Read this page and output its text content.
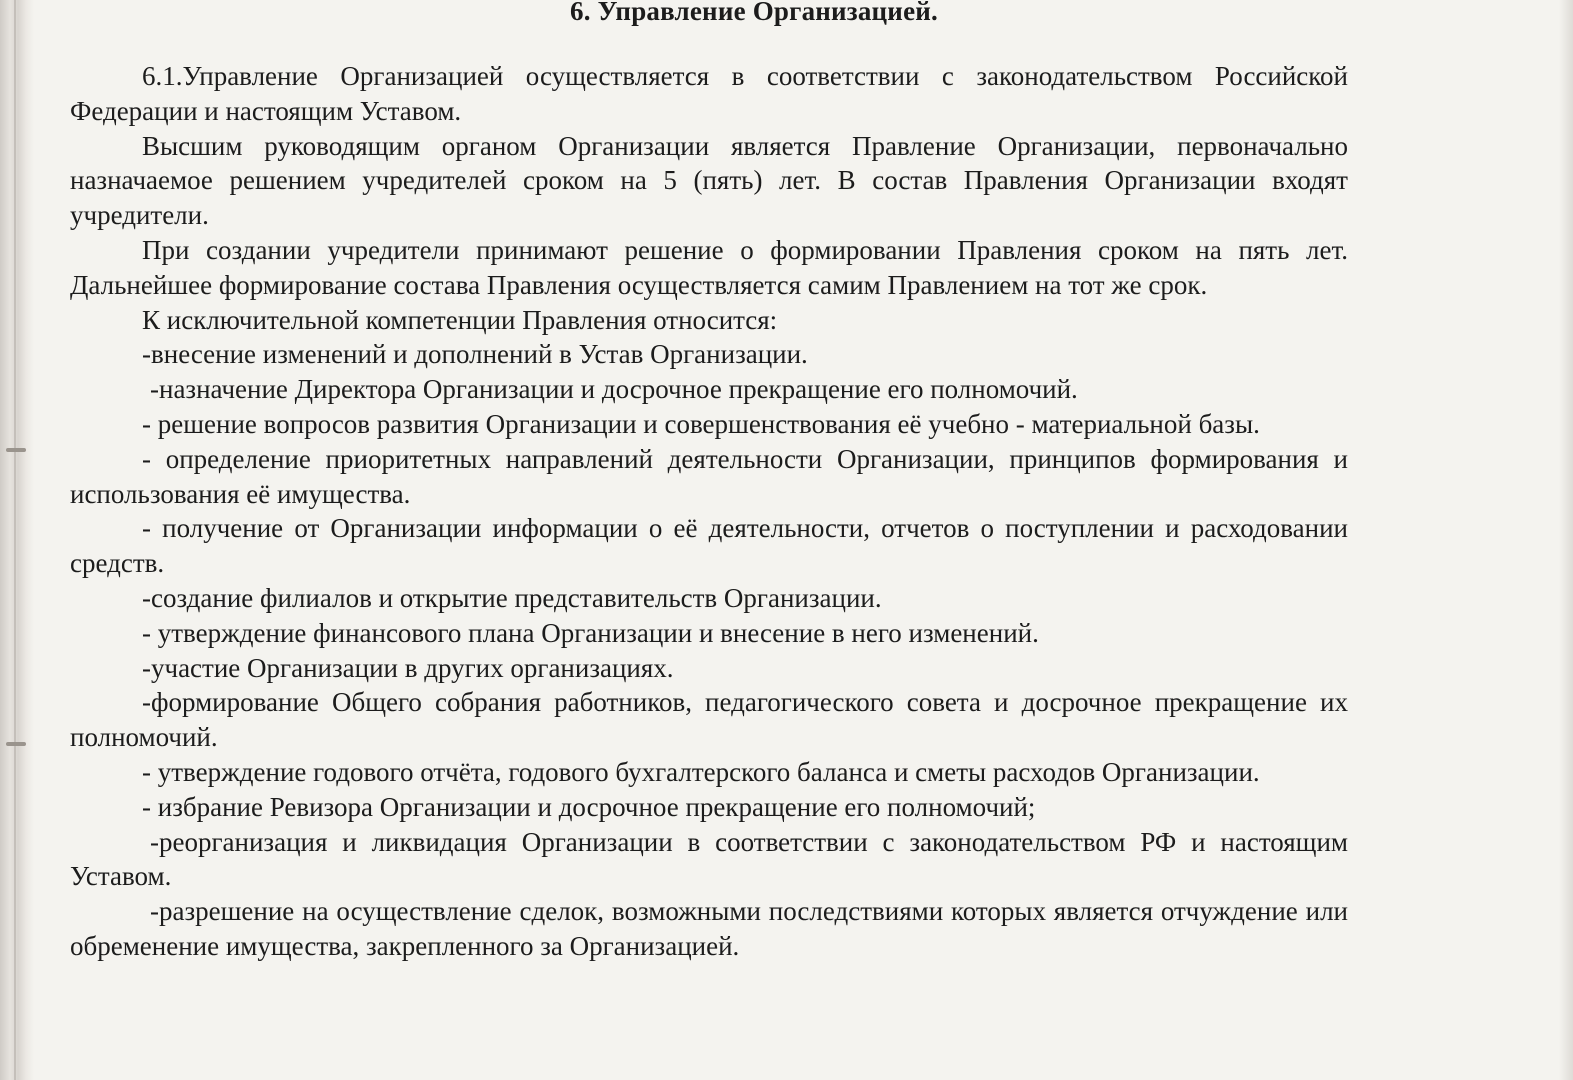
6. Управление Организацией.

6.1.Управление Организацией осуществляется в соответствии с законодательством Российской Федерации и настоящим Уставом.

Высшим руководящим органом Организации является Правление Организации, первоначально назначаемое решением учредителей сроком на 5 (пять) лет. В состав Правления Организации входят учредители.

При создании учредители принимают решение о формировании Правления сроком на пять лет. Дальнейшее формирование состава Правления осуществляется самим Правлением на тот же срок.

К исключительной компетенции Правления относится:

-внесение изменений и дополнений в Устав Организации.

-назначение Директора Организации и досрочное прекращение его полномочий.

- решение вопросов развития Организации и совершенствования её учебно - материальной базы.

- определение приоритетных направлений деятельности Организации, принципов формирования и использования её имущества.

- получение от Организации информации о её деятельности, отчетов о поступлении и расходовании средств.

-создание филиалов и открытие представительств Организации.

- утверждение финансового плана Организации и внесение в него изменений.

-участие Организации в других организациях.

-формирование Общего собрания работников, педагогического совета и досрочное прекращение их полномочий.

- утверждение годового отчёта, годового бухгалтерского баланса и сметы расходов Организации.

- избрание Ревизора Организации и досрочное прекращение его полномочий;

-реорганизация и ликвидация Организации в соответствии с законодательством РФ и настоящим Уставом.

-разрешение на осуществление сделок, возможными последствиями которых является отчуждение или обременение имущества, закрепленного за Организацией.
